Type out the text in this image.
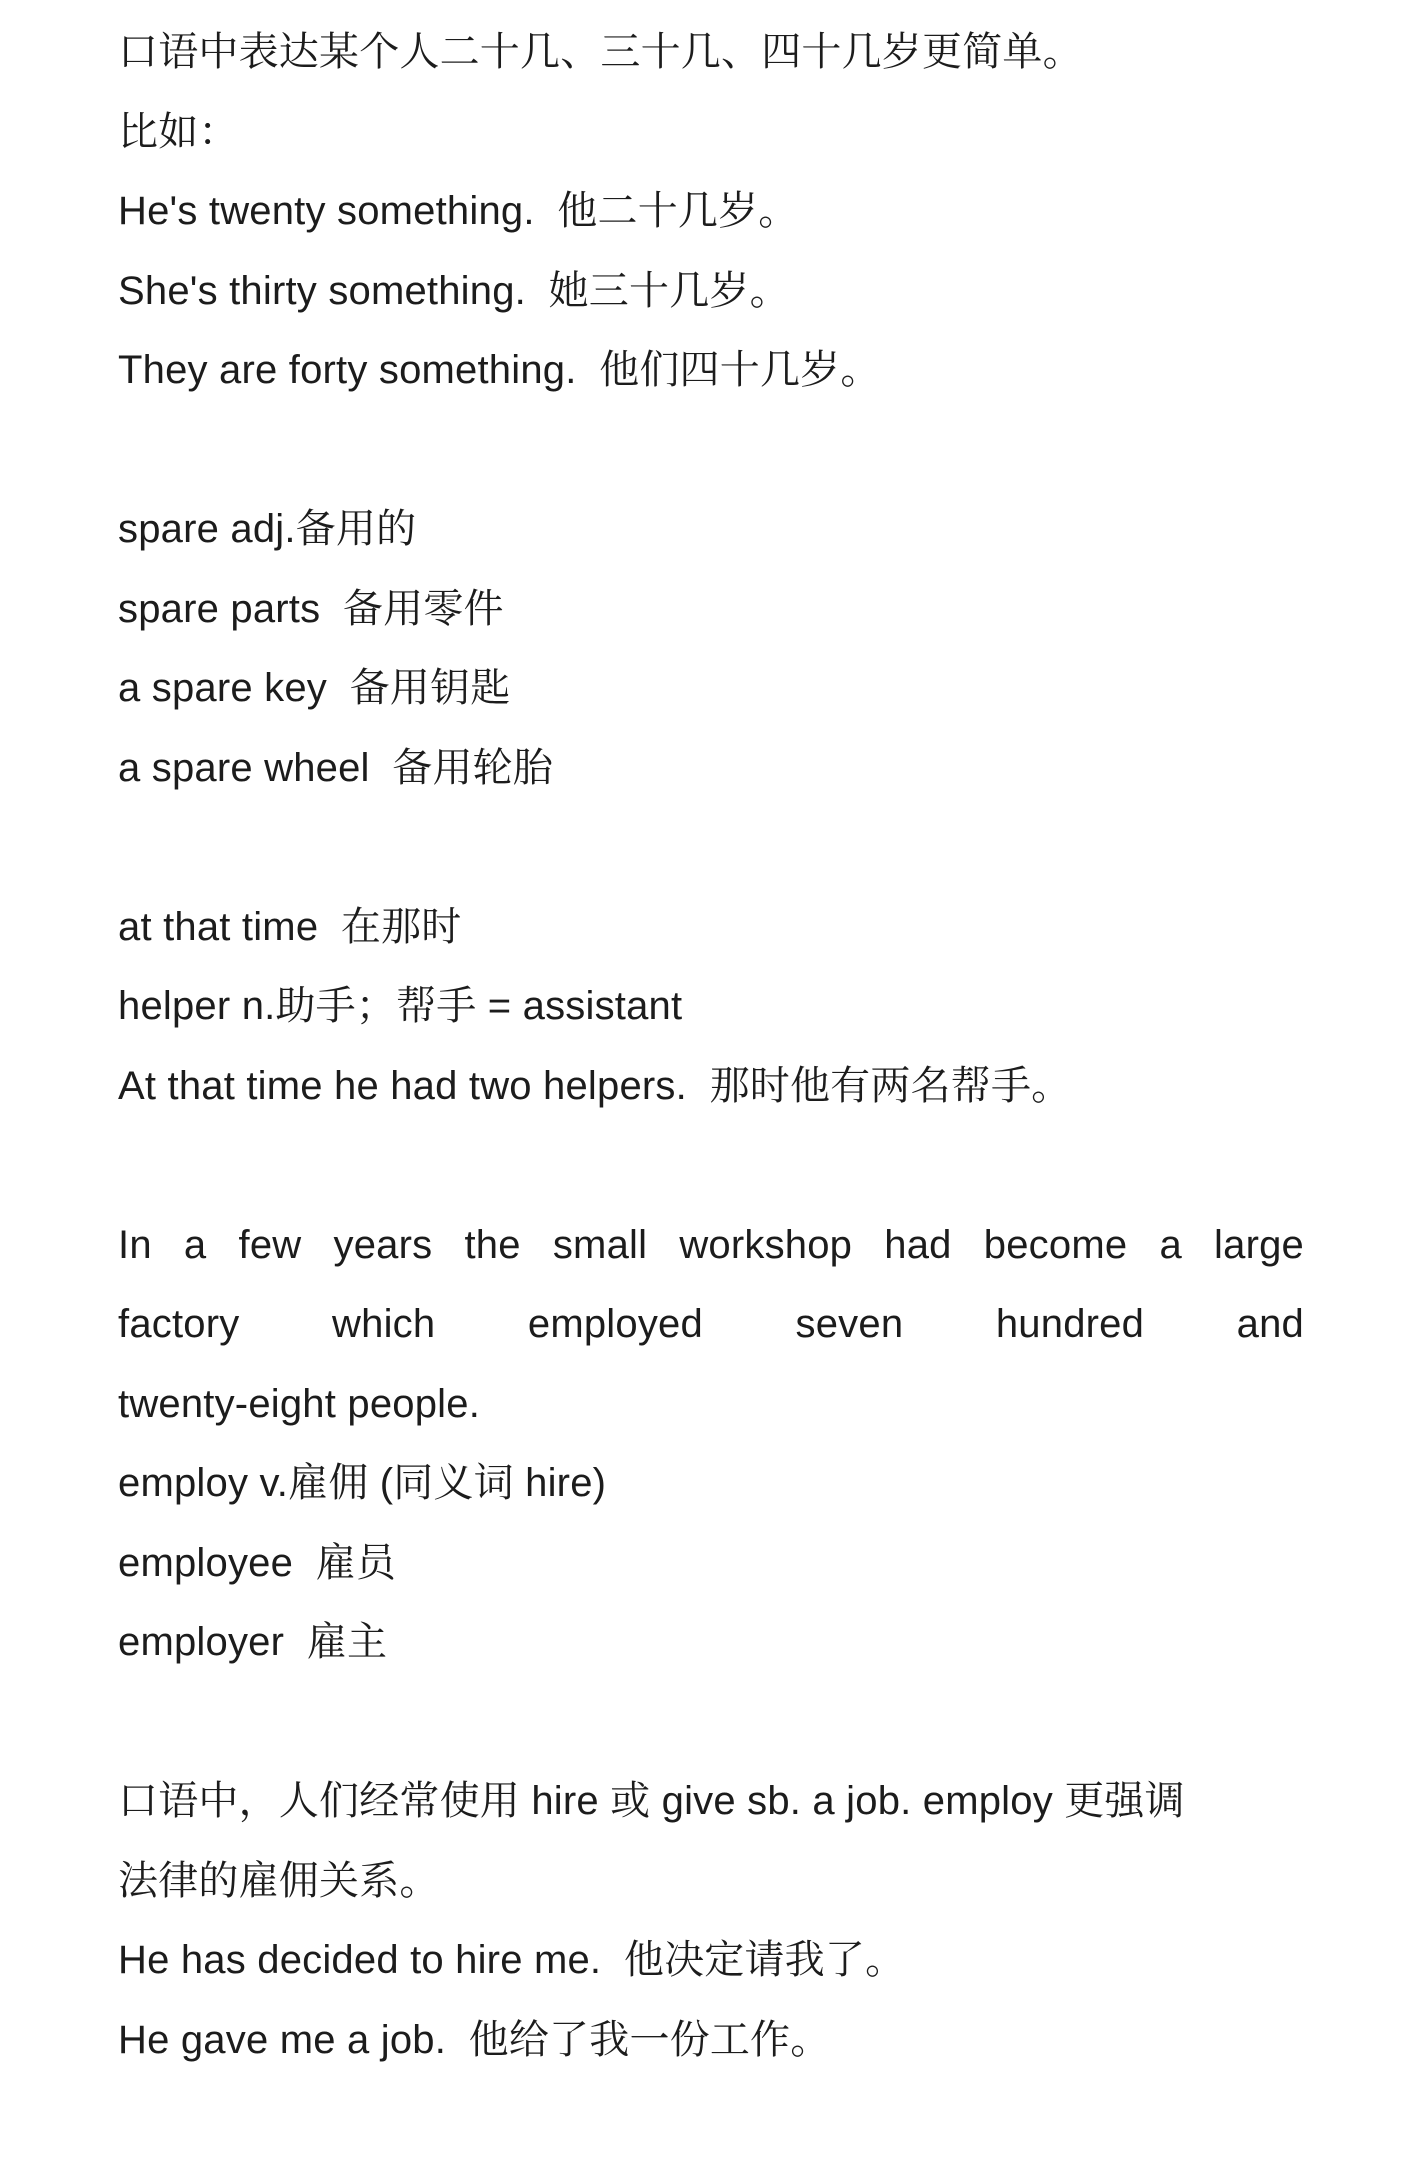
口语中表达某个人二十几、三十几、四十几岁更简单。
比如：
He's twenty something.  他二十几岁。
She's thirty something.  她三十几岁。
They are forty something.  他们四十几岁。
spare adj.备用的
spare parts  备用零件
a spare key  备用钥匙
a spare wheel  备用轮胎
at that time  在那时
helper n.助手；帮手 = assistant
At that time he had two helpers.  那时他有两名帮手。
In a few years the small workshop had become a large
factory which employed seven hundred and
twenty-eight people.
employ v.雇佣 (同义词 hire)
employee  雇员
employer  雇主
口语中，人们经常使用 hire 或 give sb. a job. employ 更强调
法律的雇佣关系。
He has decided to hire me.  他决定请我了。
He gave me a job.  他给了我一份工作。
